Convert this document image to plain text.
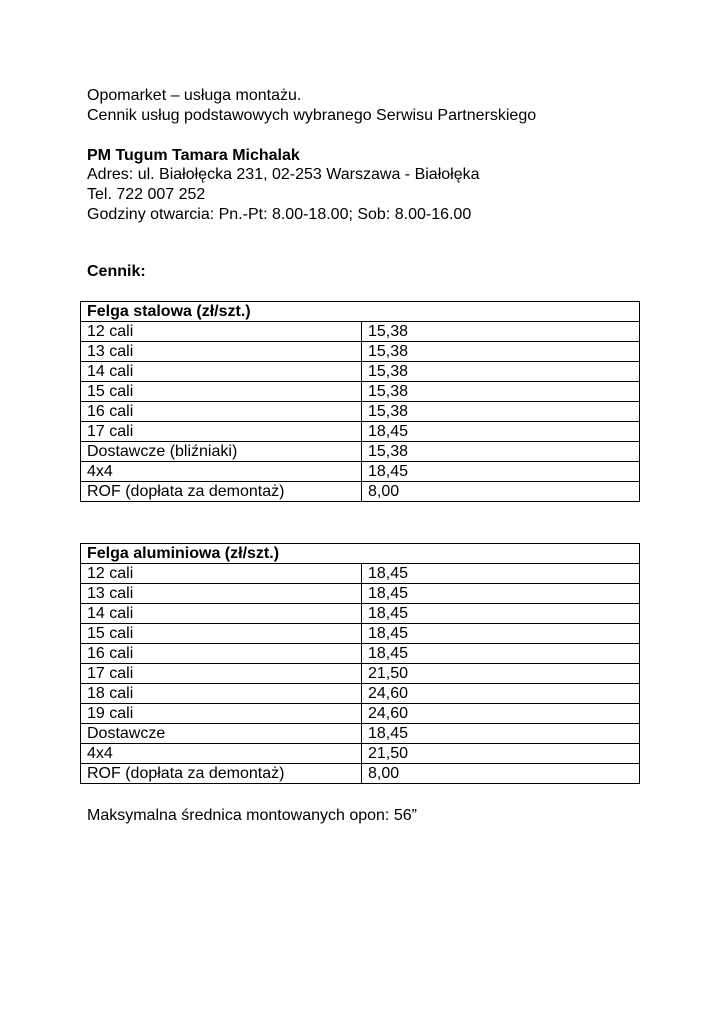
Opomarket – usługa montażu.
Cennik usług podstawowych wybranego Serwisu Partnerskiego
PM Tugum Tamara Michalak
Adres: ul. Białołęcka 231, 02-253 Warszawa - Białołęka
Tel. 722 007 252
Godziny otwarcia: Pn.-Pt: 8.00-18.00; Sob: 8.00-16.00
Cennik:
Felga stalowa (zł/szt.)	
12 cali	15,38
13 cali	15,38
14 cali	15,38
15 cali	15,38
16 cali	15,38
17 cali	18,45
Dostawcze (bliźniaki)	15,38
4x4	18,45
ROF (dopłata za demontaż)	8,00
Felga aluminiowa (zł/szt.)	
12 cali	18,45
13 cali	18,45
14 cali	18,45
15 cali	18,45
16 cali	18,45
17 cali	21,50
18 cali	24,60
19 cali	24,60
Dostawcze	18,45
4x4	21,50
ROF (dopłata za demontaż)	8,00
Maksymalna średnica montowanych opon: 56”
